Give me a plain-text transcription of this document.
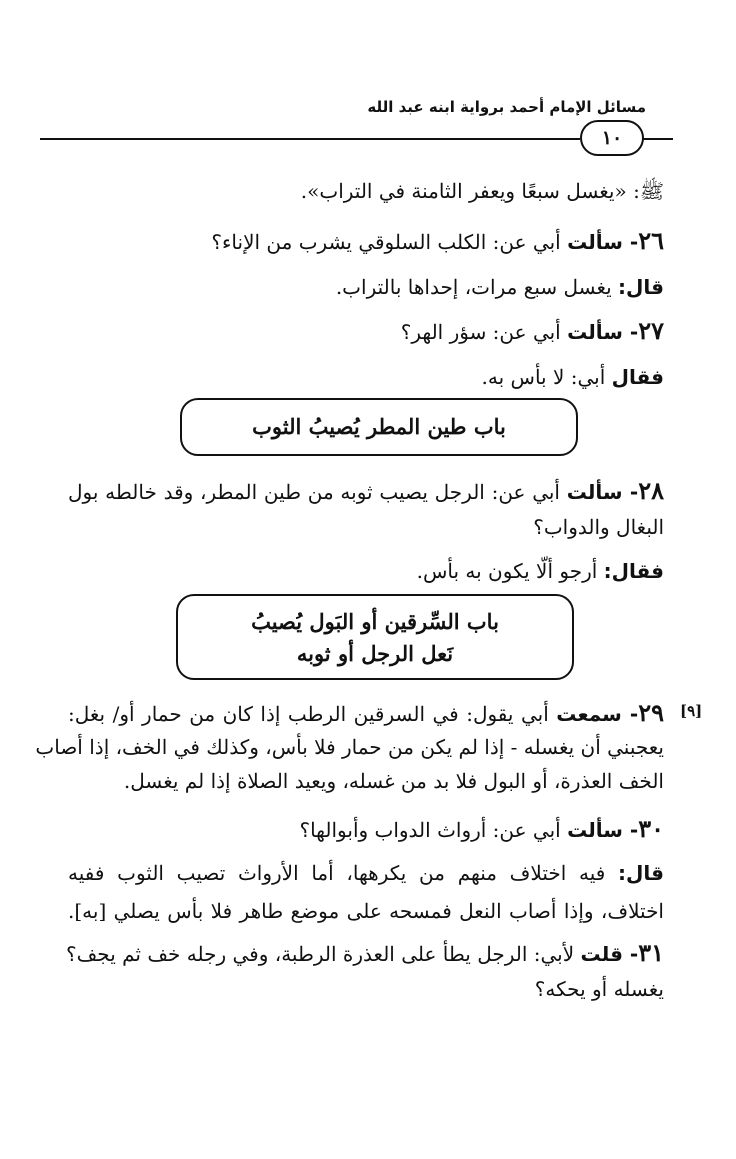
مسائل الإمام أحمد برواية ابنه عبد الله
١٠
ﷺ: «يغسل سبعًا ويعفر الثامنة في التراب».
٢٦- سألت أبي عن: الكلب السلوقي يشرب من الإناء؟
قال: يغسل سبع مرات، إحداها بالتراب.
٢٧- سألت أبي عن: سؤر الهر؟
فقال أبي: لا بأس به.
باب طين المطر يُصيبُ الثوب
٢٨- سألت أبي عن: الرجل يصيب ثوبه من طين المطر، وقد خالطه بول
البغال والدواب؟
فقال: أرجو ألّا يكون به بأس.
باب السِّرقين أو البَول يُصيبُ
نَعل الرجل أو ثوبه
[٩]
٢٩- سمعت أبي يقول: في السرقين الرطب إذا كان من حمار أو/ بغل:
يعجبني أن يغسله - إذا لم يكن من حمار فلا بأس، وكذلك في الخف، إذا أصاب
الخف العذرة، أو البول فلا بد من غسله، ويعيد الصلاة إذا لم يغسل.
٣٠- سألت أبي عن: أرواث الدواب وأبوالها؟
قال: فيه اختلاف منهم من يكرهها، أما الأرواث تصيب الثوب ففيه
اختلاف، وإذا أصاب النعل فمسحه على موضع طاهر فلا بأس يصلي [به].
٣١- قلت لأبي: الرجل يطأ على العذرة الرطبة، وفي رجله خف ثم يجف؟
يغسله أو يحكه؟
